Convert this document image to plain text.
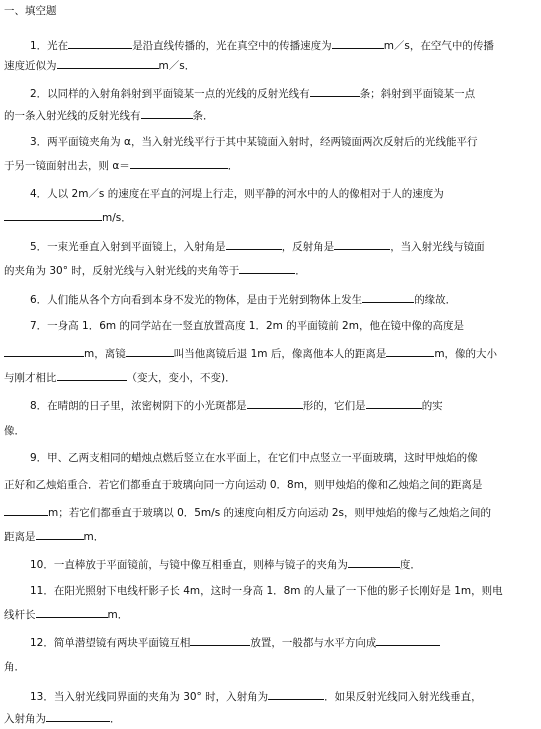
一、填空题
1．光在	是沿直线传播的，光在真空中的传播速度为	m／s，在空气中的传播
速度近似为	m／s．
2．以同样的入射角斜射到平面镜某一点的光线的反射光线有	条；斜射到平面镜某一点
的一条入射光线的反射光线有	条．
3．两平面镜夹角为 α，当入射光线平行于其中某镜面入射时，经两镜面两次反射后的光线能平行
于另一镜面射出去，则 α＝	．
4．人以 2m／s 的速度在平直的河堤上行走，则平静的河水中的人的像相对于人的速度为
m/s．
5．一束光垂直入射到平面镜上，入射角是	，反射角是	，当入射光线与镜面
的夹角为 30° 时，反射光线与入射光线的夹角等于	．
6．人们能从各个方向看到本身不发光的物体，是由于光射到物体上发生	的缘故．
7．一身高 1．6m 的同学站在一竖直放置高度 1．2m 的平面镜前 2m，他在镜中像的高度是
m，离镜	叫当他离镜后退 1m 后，像离他本人的距离是	m，像的大小
与刚才相比	（变大，变小，不变)．
8．在晴朗的日子里，浓密树阴下的小光斑都是	形的，它们是	的实
像．
9．甲、乙两支相同的蜡烛点燃后竖立在水平面上，在它们中点竖立一平面玻璃，这时甲烛焰的像
正好和乙烛焰重合．若它们都垂直于玻璃向同一方向运动 0．8m，则甲烛焰的像和乙烛焰之间的距离是
m；若它们都垂直于玻璃以 0．5m/s 的速度向相反方向运动 2s，则甲烛焰的像与乙烛焰之间的
距离是	m．
10．一直棒放于平面镜前，与镜中像互相垂直，则棒与镜子的夹角为	度．
11．在阳光照射下电线杆影子长 4m，这时一身高 1．8m 的人量了一下他的影子长刚好是 1m，则电
线杆长	m．
12．简单潜望镜有两块平面镜互相	放置，一般都与水平方向成
角．
13．当入射光线同界面的夹角为 30° 时，入射角为	．如果反射光线同入射光线垂直，
入射角为	．
